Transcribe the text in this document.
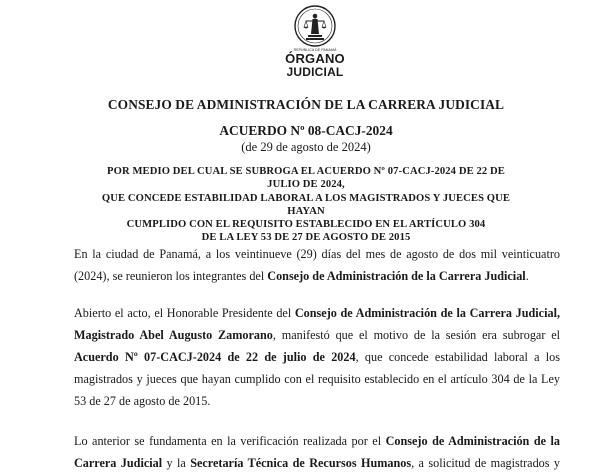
REPÚBLICA DE PANAMÁ
ÓRGANO
JUDICIAL
CONSEJO DE ADMINISTRACIÓN DE LA CARRERA JUDICIAL
ACUERDO Nº 08-CACJ-2024
(de 29 de agosto de 2024)
POR MEDIO DEL CUAL SE SUBROGA EL ACUERDO Nº 07-CACJ-2024 DE 22 DE JULIO DE 2024,
QUE CONCEDE ESTABILIDAD LABORAL A LOS MAGISTRADOS Y JUECES QUE HAYAN
CUMPLIDO CON EL REQUISITO ESTABLECIDO EN EL ARTÍCULO 304
DE LA LEY 53 DE 27 DE AGOSTO DE 2015
En la ciudad de Panamá, a los veintinueve (29) días del mes de agosto de dos mil veinticuatro
(2024), se reunieron los integrantes del Consejo de Administración de la Carrera Judicial.
Abierto el acto, el Honorable Presidente del Consejo de Administración de la Carrera Judicial,
Magistrado Abel Augusto Zamorano, manifestó que el motivo de la sesión era subrogar el
Acuerdo Nº 07-CACJ-2024 de 22 de julio de 2024, que concede estabilidad laboral a los
magistrados y jueces que hayan cumplido con el requisito establecido en el artículo 304 de la Ley
53 de 27 de agosto de 2015.
Lo anterior se fundamenta en la verificación realizada por el Consejo de Administración de la
Carrera Judicial y la Secretaría Técnica de Recursos Humanos, a solicitud de magistrados y
